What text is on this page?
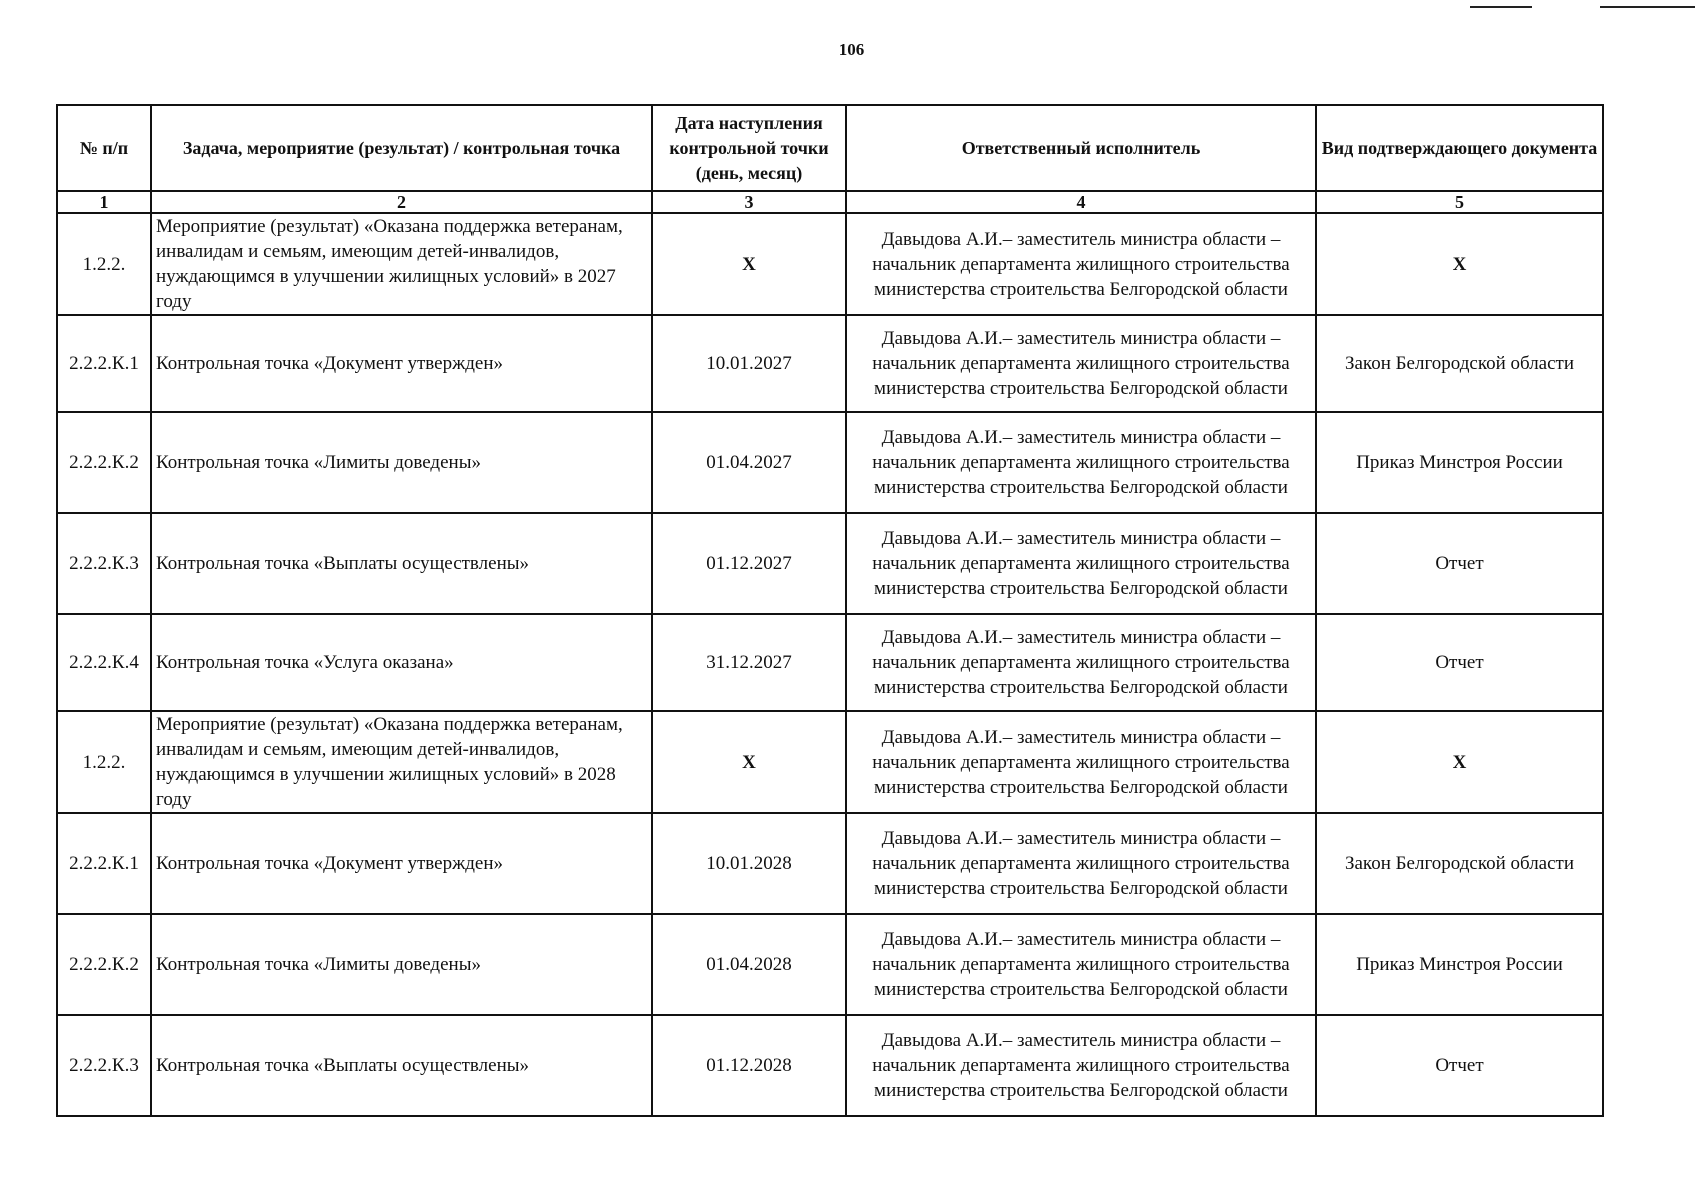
106
№ п/п	Задача, мероприятие (результат) / контрольная точка	Дата наступления контрольной точки (день, месяц)	Ответственный исполнитель	Вид подтверждающего документа
1	2	3	4	5
1.2.2.	Мероприятие (результат) «Оказана поддержка ветеранам, инвалидам и семьям, имеющим детей-инвалидов, нуждающимся в улучшении жилищных условий» в 2027 году	Х	Давыдова А.И.– заместитель министра области – начальник департамента жилищного строительства министерства строительства Белгородской области	Х
2.2.2.К.1	Контрольная точка «Документ утвержден»	10.01.2027	Давыдова А.И.– заместитель министра области – начальник департамента жилищного строительства министерства строительства Белгородской области	Закон Белгородской области
2.2.2.К.2	Контрольная точка «Лимиты доведены»	01.04.2027	Давыдова А.И.– заместитель министра области – начальник департамента жилищного строительства министерства строительства Белгородской области	Приказ Минстроя России
2.2.2.К.3	Контрольная точка «Выплаты осуществлены»	01.12.2027	Давыдова А.И.– заместитель министра области – начальник департамента жилищного строительства министерства строительства Белгородской области	Отчет
2.2.2.К.4	Контрольная точка «Услуга оказана»	31.12.2027	Давыдова А.И.– заместитель министра области – начальник департамента жилищного строительства министерства строительства Белгородской области	Отчет
1.2.2.	Мероприятие (результат) «Оказана поддержка ветеранам, инвалидам и семьям, имеющим детей-инвалидов, нуждающимся в улучшении жилищных условий» в 2028 году	Х	Давыдова А.И.– заместитель министра области – начальник департамента жилищного строительства министерства строительства Белгородской области	Х
2.2.2.К.1	Контрольная точка «Документ утвержден»	10.01.2028	Давыдова А.И.– заместитель министра области – начальник департамента жилищного строительства министерства строительства Белгородской области	Закон Белгородской области
2.2.2.К.2	Контрольная точка «Лимиты доведены»	01.04.2028	Давыдова А.И.– заместитель министра области – начальник департамента жилищного строительства министерства строительства Белгородской области	Приказ Минстроя России
2.2.2.К.3	Контрольная точка «Выплаты осуществлены»	01.12.2028	Давыдова А.И.– заместитель министра области – начальник департамента жилищного строительства министерства строительства Белгородской области	Отчет
